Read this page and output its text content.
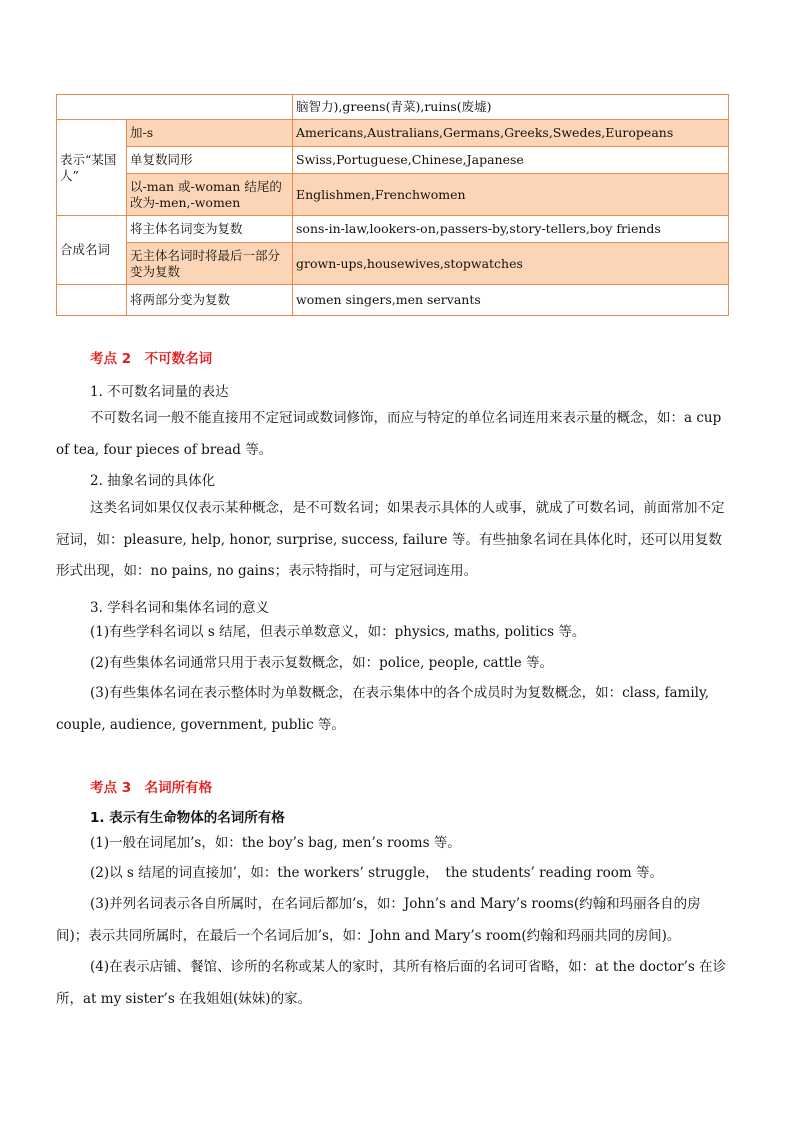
		脑智力),greens(青菜),ruins(废墟)
表示“某国人”	加-s	Americans,Australians,Germans,Greeks,Swedes,Europeans
	单复数同形	Swiss,Portuguese,Chinese,Japanese
	以-man 或-woman 结尾的改为-men,-women	Englishmen,Frenchwomen
合成名词	将主体名词变为复数	sons-in-law,lookers-on,passers-by,story-tellers,boy friends
	无主体名词时将最后一部分变为复数	grown-ups,housewives,stopwatches
	将两部分变为复数	women singers,men servants
考点 2　不可数名词
1. 不可数名词量的表达

不可数名词一般不能直接用不定冠词或数词修饰，而应与特定的单位名词连用来表示量的概念，如：a cup of tea, four pieces of bread 等。

2. 抽象名词的具体化

这类名词如果仅仅表示某种概念，是不可数名词；如果表示具体的人或事，就成了可数名词，前面常加不定冠词，如：pleasure, help, honor, surprise, success, failure 等。有些抽象名词在具体化时，还可以用复数形式出现，如：no pains, no gains；表示特指时，可与定冠词连用。

3. 学科名词和集体名词的意义

(1)有些学科名词以 s 结尾，但表示单数意义，如：physics, maths, politics 等。

(2)有些集体名词通常只用于表示复数概念，如：police, people, cattle 等。

(3)有些集体名词在表示整体时为单数概念，在表示集体中的各个成员时为复数概念，如：class, family, couple, audience, government, public 等。

考点 3　名词所有格
1. 表示有生命物体的名词所有格

(1)一般在词尾加’s，如：the boy’s bag, men’s rooms 等。

(2)以 s 结尾的词直接加’，如：the workers’ struggle，　the students’ reading room 等。

(3)并列名词表示各自所属时，在名词后都加’s，如：John’s and Mary’s rooms(约翰和玛丽各自的房间)；表示共同所属时，在最后一个名词后加’s，如：John and Mary’s room(约翰和玛丽共同的房间)。

(4)在表示店铺、餐馆、诊所的名称或某人的家时，其所有格后面的名词可省略，如：at the doctor’s 在诊所，at my sister’s 在我姐姐(妹妹)的家。
